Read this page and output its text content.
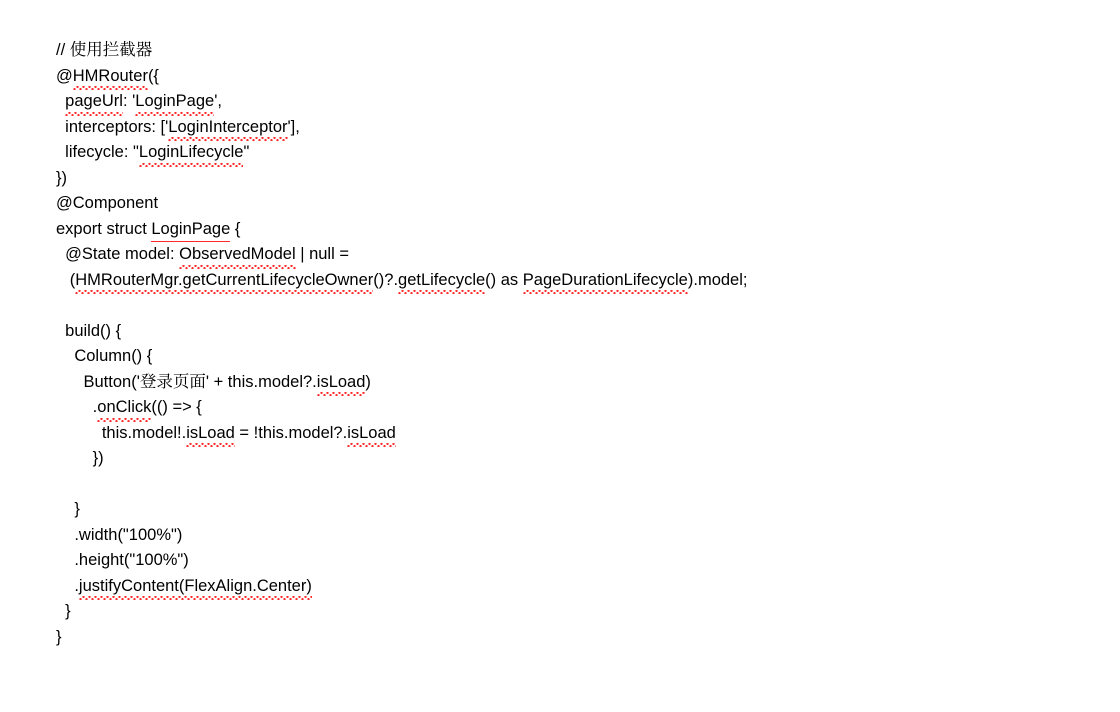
// 使用拦截器
@HMRouter({
pageUrl: 'LoginPage',
interceptors: ['LoginInterceptor'],
lifecycle: "LoginLifecycle"
})
@Component
export struct LoginPage {
@State model: ObservedModel | null =
(HMRouterMgr.getCurrentLifecycleOwner()?.getLifecycle() as PageDurationLifecycle).model;
build() {
Column() {
Button('登录页面' + this.model?.isLoad)
.onClick(() => {
this.model!.isLoad = !this.model?.isLoad
})
}
.width("100%")
.height("100%")
.justifyContent(FlexAlign.Center)
}
}
